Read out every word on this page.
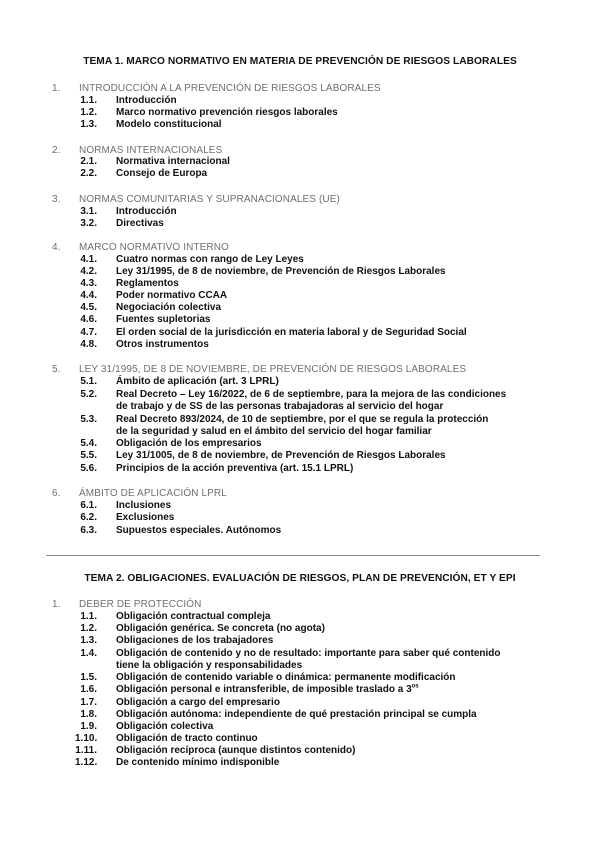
TEMA 1. MARCO NORMATIVO EN MATERIA DE PREVENCIÓN DE RIESGOS LABORALES
1. INTRODUCCIÓN A LA PREVENCIÓN DE RIESGOS LABORALES
1.1. Introducción
1.2. Marco normativo prevención riesgos laborales
1.3. Modelo constitucional
2. NORMAS INTERNACIONALES
2.1. Normativa internacional
2.2. Consejo de Europa
3. NORMAS COMUNITARIAS Y SUPRANACIONALES (UE)
3.1. Introducción
3.2. Directivas
4. MARCO NORMATIVO INTERNO
4.1. Cuatro normas con rango de Ley Leyes
4.2. Ley 31/1995, de 8 de noviembre, de Prevención de Riesgos Laborales
4.3. Reglamentos
4.4. Poder normativo CCAA
4.5. Negociación colectiva
4.6. Fuentes supletorias
4.7. El orden social de la jurisdicción en materia laboral y de Seguridad Social
4.8. Otros instrumentos
5. LEY 31/1995, DE 8 DE NOVIEMBRE, DE PREVENCIÓN DE RIESGOS LABORALES
5.1. Ámbito de aplicación (art. 3 LPRL)
5.2. Real Decreto – Ley 16/2022, de 6 de septiembre, para la mejora de las condiciones
de trabajo y de SS de las personas trabajadoras al servicio del hogar
5.3. Real Decreto 893/2024, de 10 de septiembre, por el que se regula la protección
de la seguridad y salud en el ámbito del servicio del hogar familiar
5.4. Obligación de los empresarios
5.5. Ley 31/1005, de 8 de noviembre, de Prevención de Riesgos Laborales
5.6. Principios de la acción preventiva (art. 15.1 LPRL)
6. ÁMBITO DE APLICACIÓN LPRL
6.1. Inclusiones
6.2. Exclusiones
6.3. Supuestos especiales. Autónomos
TEMA 2. OBLIGACIONES. EVALUACIÓN DE RIESGOS, PLAN DE PREVENCIÓN, ET Y EPI
1. DEBER DE PROTECCIÓN
1.1. Obligación contractual compleja
1.2. Obligación genérica. Se concreta (no agota)
1.3. Obligaciones de los trabajadores
1.4. Obligación de contenido y no de resultado: importante para saber qué contenido
tiene la obligación y responsabilidades
1.5. Obligación de contenido variable o dinámica: permanente modificación
1.6. Obligación personal e intransferible, de imposible traslado a $3^{os}$
1.7. Obligación a cargo del empresario
1.8. Obligación autónoma: independiente de qué prestación principal se cumpla
1.9. Obligación colectiva
1.10. Obligación de tracto continuo
1.11. Obligación recíproca (aunque distintos contenido)
1.12. De contenido mínimo indisponible
